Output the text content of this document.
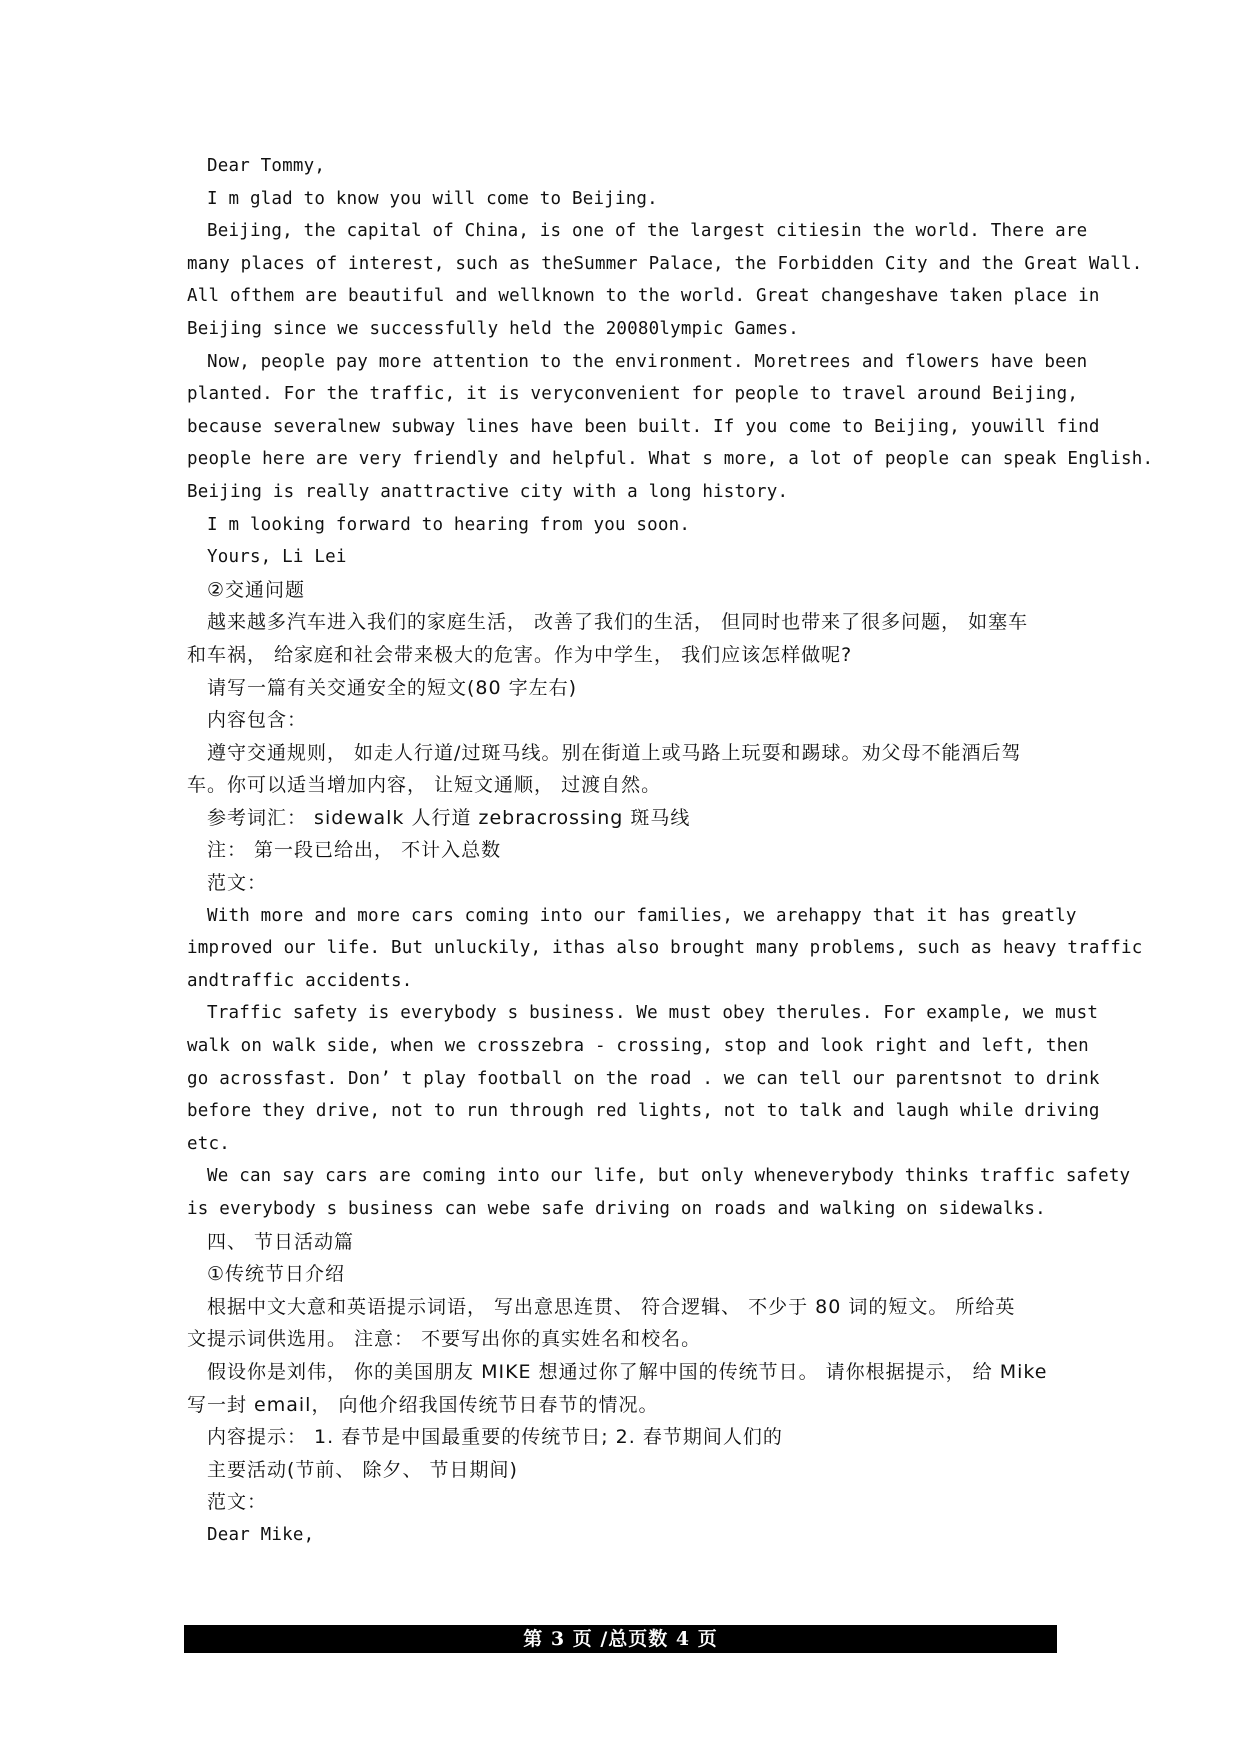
Dear Tommy,
I m glad to know you will come to Beijing.
Beijing, the capital of China, is one of the largest citiesin the world. There are
many places of interest, such as theSummer Palace, the Forbidden City and the Great Wall.
All ofthem are beautiful and wellknown to the world. Great changeshave taken place in
Beijing since we successfully held the 20080lympic Games.
Now, people pay more attention to the environment. Moretrees and flowers have been
planted. For the traffic, it is veryconvenient for people to travel around Beijing,
because severalnew subway lines have been built. If you come to Beijing, youwill find
people here are very friendly and helpful. What s more, a lot of people can speak English.
Beijing is really anattractive city with a long history.
I m looking forward to hearing from you soon.
Yours, Li Lei
②交通问题
越来越多汽车进入我们的家庭生活， 改善了我们的生活， 但同时也带来了很多问题， 如塞车
和车祸， 给家庭和社会带来极大的危害。作为中学生， 我们应该怎样做呢?
请写一篇有关交通安全的短文(80 字左右)
内容包含：
遵守交通规则， 如走人行道/过斑马线。别在街道上或马路上玩耍和踢球。劝父母不能酒后驾
车。你可以适当增加内容， 让短文通顺， 过渡自然。
参考词汇： sidewalk 人行道 zebracrossing 斑马线
注： 第一段已给出， 不计入总数
范文：
With more and more cars coming into our families, we arehappy that it has greatly
improved our life. But unluckily, ithas also brought many problems, such as heavy traffic
andtraffic accidents.
Traffic safety is everybody s business. We must obey therules. For example, we must
walk on walk side, when we crosszebra - crossing, stop and look right and left, then
go acrossfast. Don’ t play football on the road . we can tell our parentsnot to drink
before they drive, not to run through red lights, not to talk and laugh while driving
etc.
We can say cars are coming into our life, but only wheneverybody thinks traffic safety
is everybody s business can webe safe driving on roads and walking on sidewalks.
四、 节日活动篇
①传统节日介绍
根据中文大意和英语提示词语， 写出意思连贯、 符合逻辑、 不少于 80 词的短文。 所给英
文提示词供选用。 注意： 不要写出你的真实姓名和校名。
假设你是刘伟， 你的美国朋友 MIKE 想通过你了解中国的传统节日。 请你根据提示， 给 Mike
写一封 email， 向他介绍我国传统节日春节的情况。
内容提示： 1. 春节是中国最重要的传统节日; 2. 春节期间人们的
主要活动(节前、 除夕、 节日期间)
范文：
Dear Mike,
第 3 页 /总页数 4 页
